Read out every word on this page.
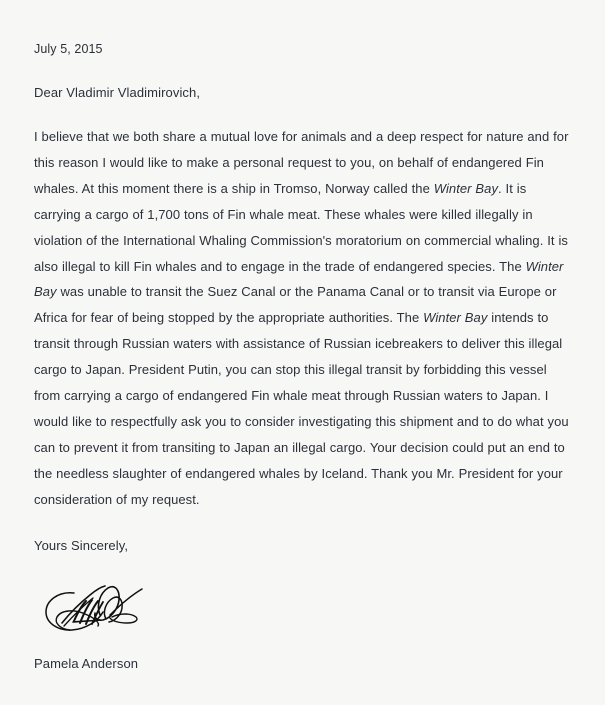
July 5, 2015

Dear Vladimir Vladimirovich,

I believe that we both share a mutual love for animals and a deep respect for nature and for this reason I would like to make a personal request to you, on behalf of endangered Fin whales. At this moment there is a ship in Tromso, Norway called the Winter Bay. It is carrying a cargo of 1,700 tons of Fin whale meat. These whales were killed illegally in violation of the International Whaling Commission's moratorium on commercial whaling. It is also illegal to kill Fin whales and to engage in the trade of endangered species. The Winter Bay was unable to transit the Suez Canal or the Panama Canal or to transit via Europe or Africa for fear of being stopped by the appropriate authorities. The Winter Bay intends to transit through Russian waters with assistance of Russian icebreakers to deliver this illegal cargo to Japan. President Putin, you can stop this illegal transit by forbidding this vessel from carrying a cargo of endangered Fin whale meat through Russian waters to Japan. I would like to respectfully ask you to consider investigating this shipment and to do what you can to prevent it from transiting to Japan an illegal cargo. Your decision could put an end to the needless slaughter of endangered whales by Iceland. Thank you Mr. President for your consideration of my request.

Yours Sincerely,

Pamela Anderson
